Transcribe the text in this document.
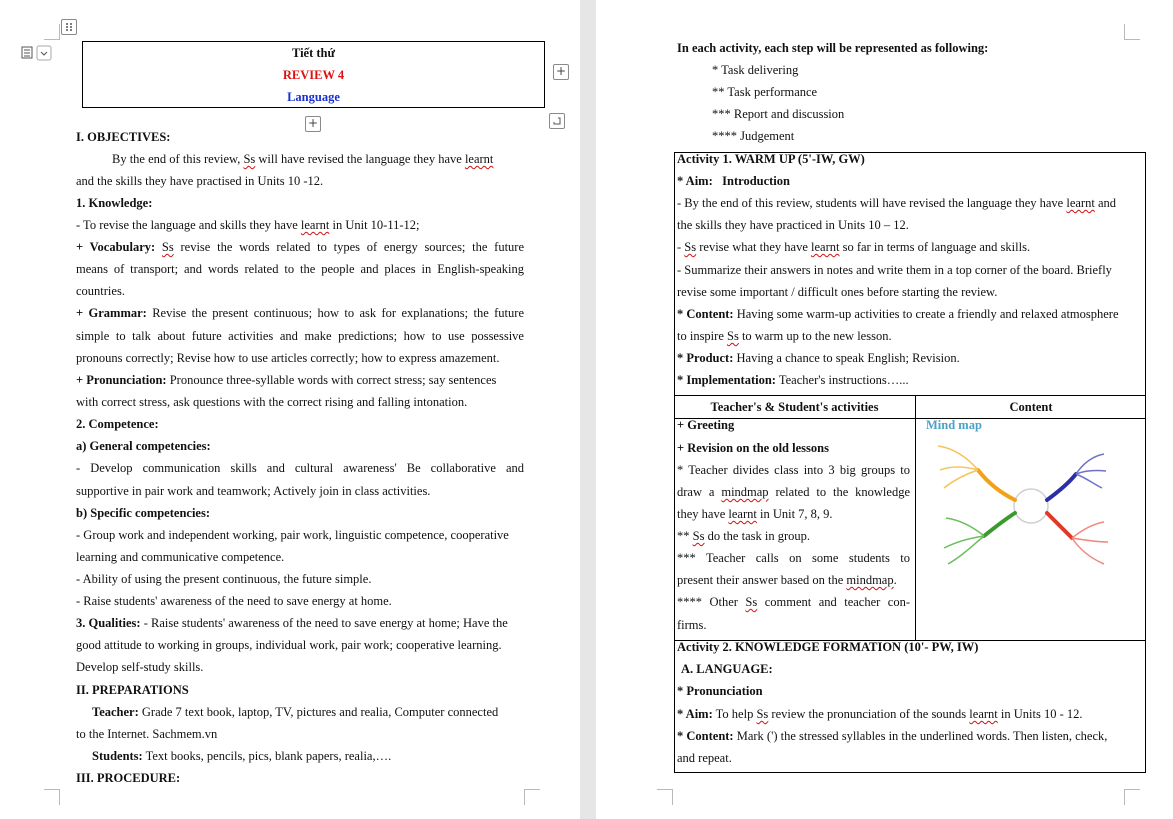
+
+
Tiết thứ
REVIEW 4
Language
I. OBJECTIVES:
By the end of this review, Ss will have revised the language they have learnt
and the skills they have practised in Units 10 -12.
1. Knowledge:
- To revise the language and skills they have learnt in Unit 10-11-12;
+ Vocabulary: Ss revise the words related to types of energy sources; the future
means of transport; and words related to the people and places in English-speaking
countries.
+ Grammar: Revise the present continuous; how to ask for explanations; the future
simple to talk about future activities and make predictions; how to use possessive
pronouns correctly; Revise how to use articles correctly; how to express amazement.
+ Pronunciation: Pronounce three-syllable words with correct stress; say sentences
with correct stress, ask questions with the correct rising and falling intonation.
2. Competence:
a) General competencies:
- Develop communication skills and cultural awareness' Be collaborative and
supportive in pair work and teamwork; Actively join in class activities.
b) Specific competencies:
- Group work and independent working, pair work, linguistic competence, cooperative
learning and communicative competence.
- Ability of using the present continuous, the future simple.
- Raise students' awareness of the need to save energy at home.
3. Qualities: - Raise students' awareness of the need to save energy at home; Have the
good attitude to working in groups, individual work, pair work; cooperative learning.
Develop self-study skills.
II. PREPARATIONS
Teacher: Grade 7 text book, laptop, TV, pictures and realia, Computer connected
to the Internet. Sachmem.vn
Students: Text books, pencils, pics, blank papers, realia,….
III. PROCEDURE:
In each activity, each step will be represented as following:
* Task delivering
** Task performance
*** Report and discussion
**** Judgement
Activity 1. WARM UP (5'-IW, GW)
* Aim: Introduction
- By the end of this review, students will have revised the language they have learnt and
the skills they have practiced in Units 10 – 12.
- Ss revise what they have learnt so far in terms of language and skills.
- Summarize their answers in notes and write them in a top corner of the board. Briefly
revise some important / difficult ones before starting the review.
* Content: Having some warm-up activities to create a friendly and relaxed atmosphere
to inspire Ss to warm up to the new lesson.
* Product: Having a chance to speak English; Revision.
* Implementation: Teacher's instructions…...
Teacher's & Student's activities	Content
+ Greeting
+ Revision on the old lessons
* Teacher divides class into 3 big groups to
draw a mindmap related to the knowledge
they have learnt in Unit 7, 8, 9.
** Ss do the task in group.
*** Teacher calls on some students to
present their answer based on the mindmap.
**** Other Ss comment and teacher con-
firms.
Mind map
Activity 2. KNOWLEDGE FORMATION (10'- PW, IW)
A. LANGUAGE:
* Pronunciation
* Aim: To help Ss review the pronunciation of the sounds learnt in Units 10 - 12.
* Content: Mark (') the stressed syllables in the underlined words. Then listen, check,
and repeat.
